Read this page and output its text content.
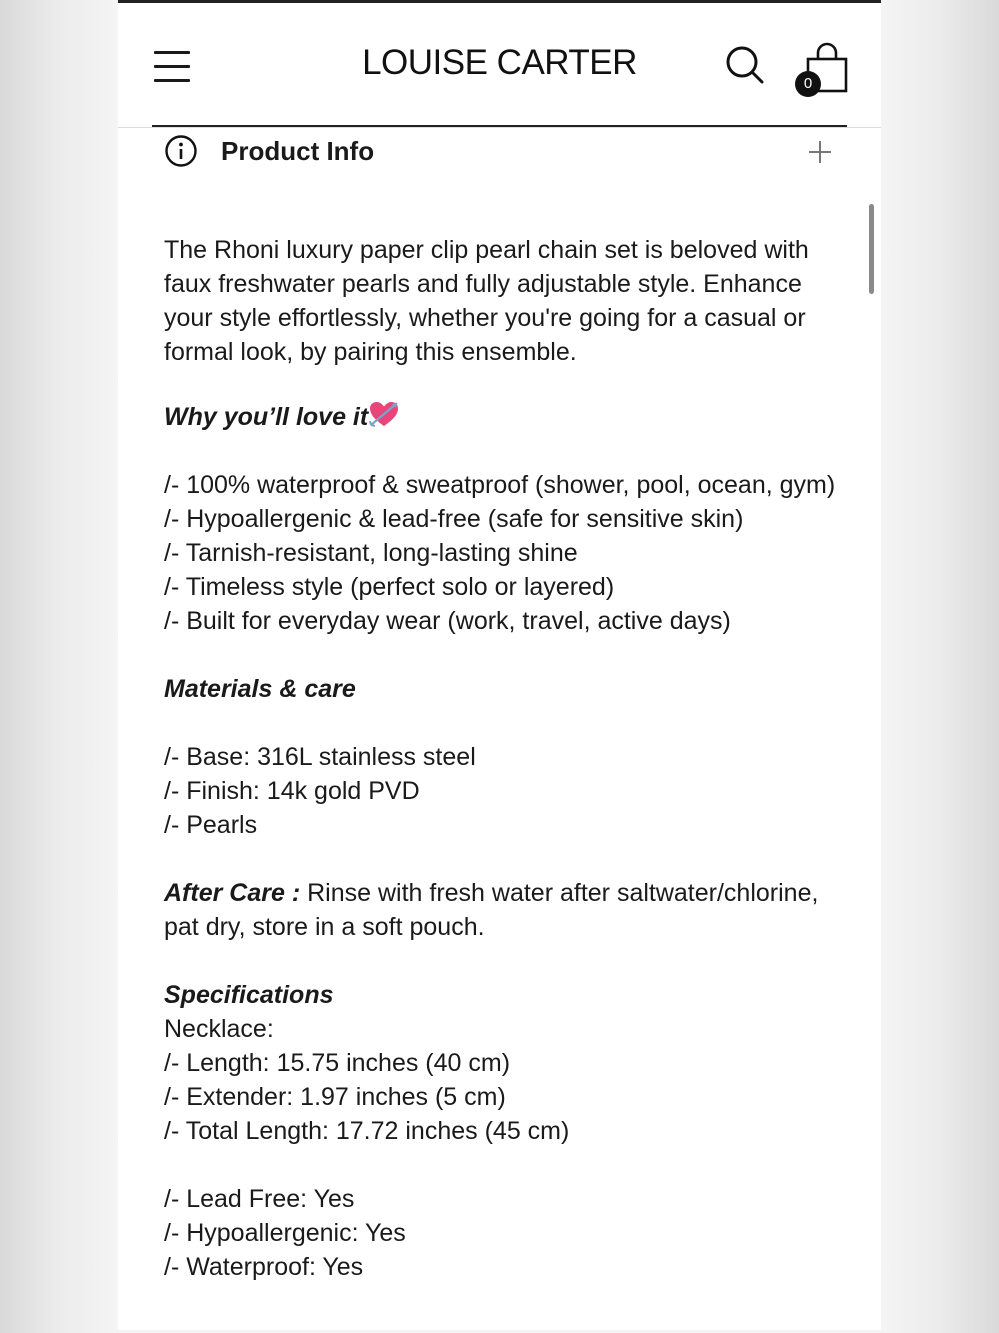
LOUISE CARTER
0
Product Info

The Rhoni luxury paper clip pearl chain set is beloved with faux freshwater pearls and fully adjustable style. Enhance your style effortlessly, whether you're going for a casual or formal look, by pairing this ensemble.

Why you’ll love it

/- 100% waterproof & sweatproof (shower, pool, ocean, gym)

/- Hypoallergenic & lead-free (safe for sensitive skin)

/- Tarnish-resistant, long-lasting shine

/- Timeless style (perfect solo or layered)

/- Built for everyday wear (work, travel, active days)

Materials & care

/- Base: 316L stainless steel

/- Finish: 14k gold PVD

/- Pearls

After Care : Rinse with fresh water after saltwater/chlorine, pat dry, store in a soft pouch.

Specifications

Necklace:

/- Length: 15.75 inches (40 cm)

/- Extender: 1.97 inches (5 cm)

/- Total Length: 17.72 inches (45 cm)

/- Lead Free: Yes

/- Hypoallergenic: Yes

/- Waterproof: Yes
